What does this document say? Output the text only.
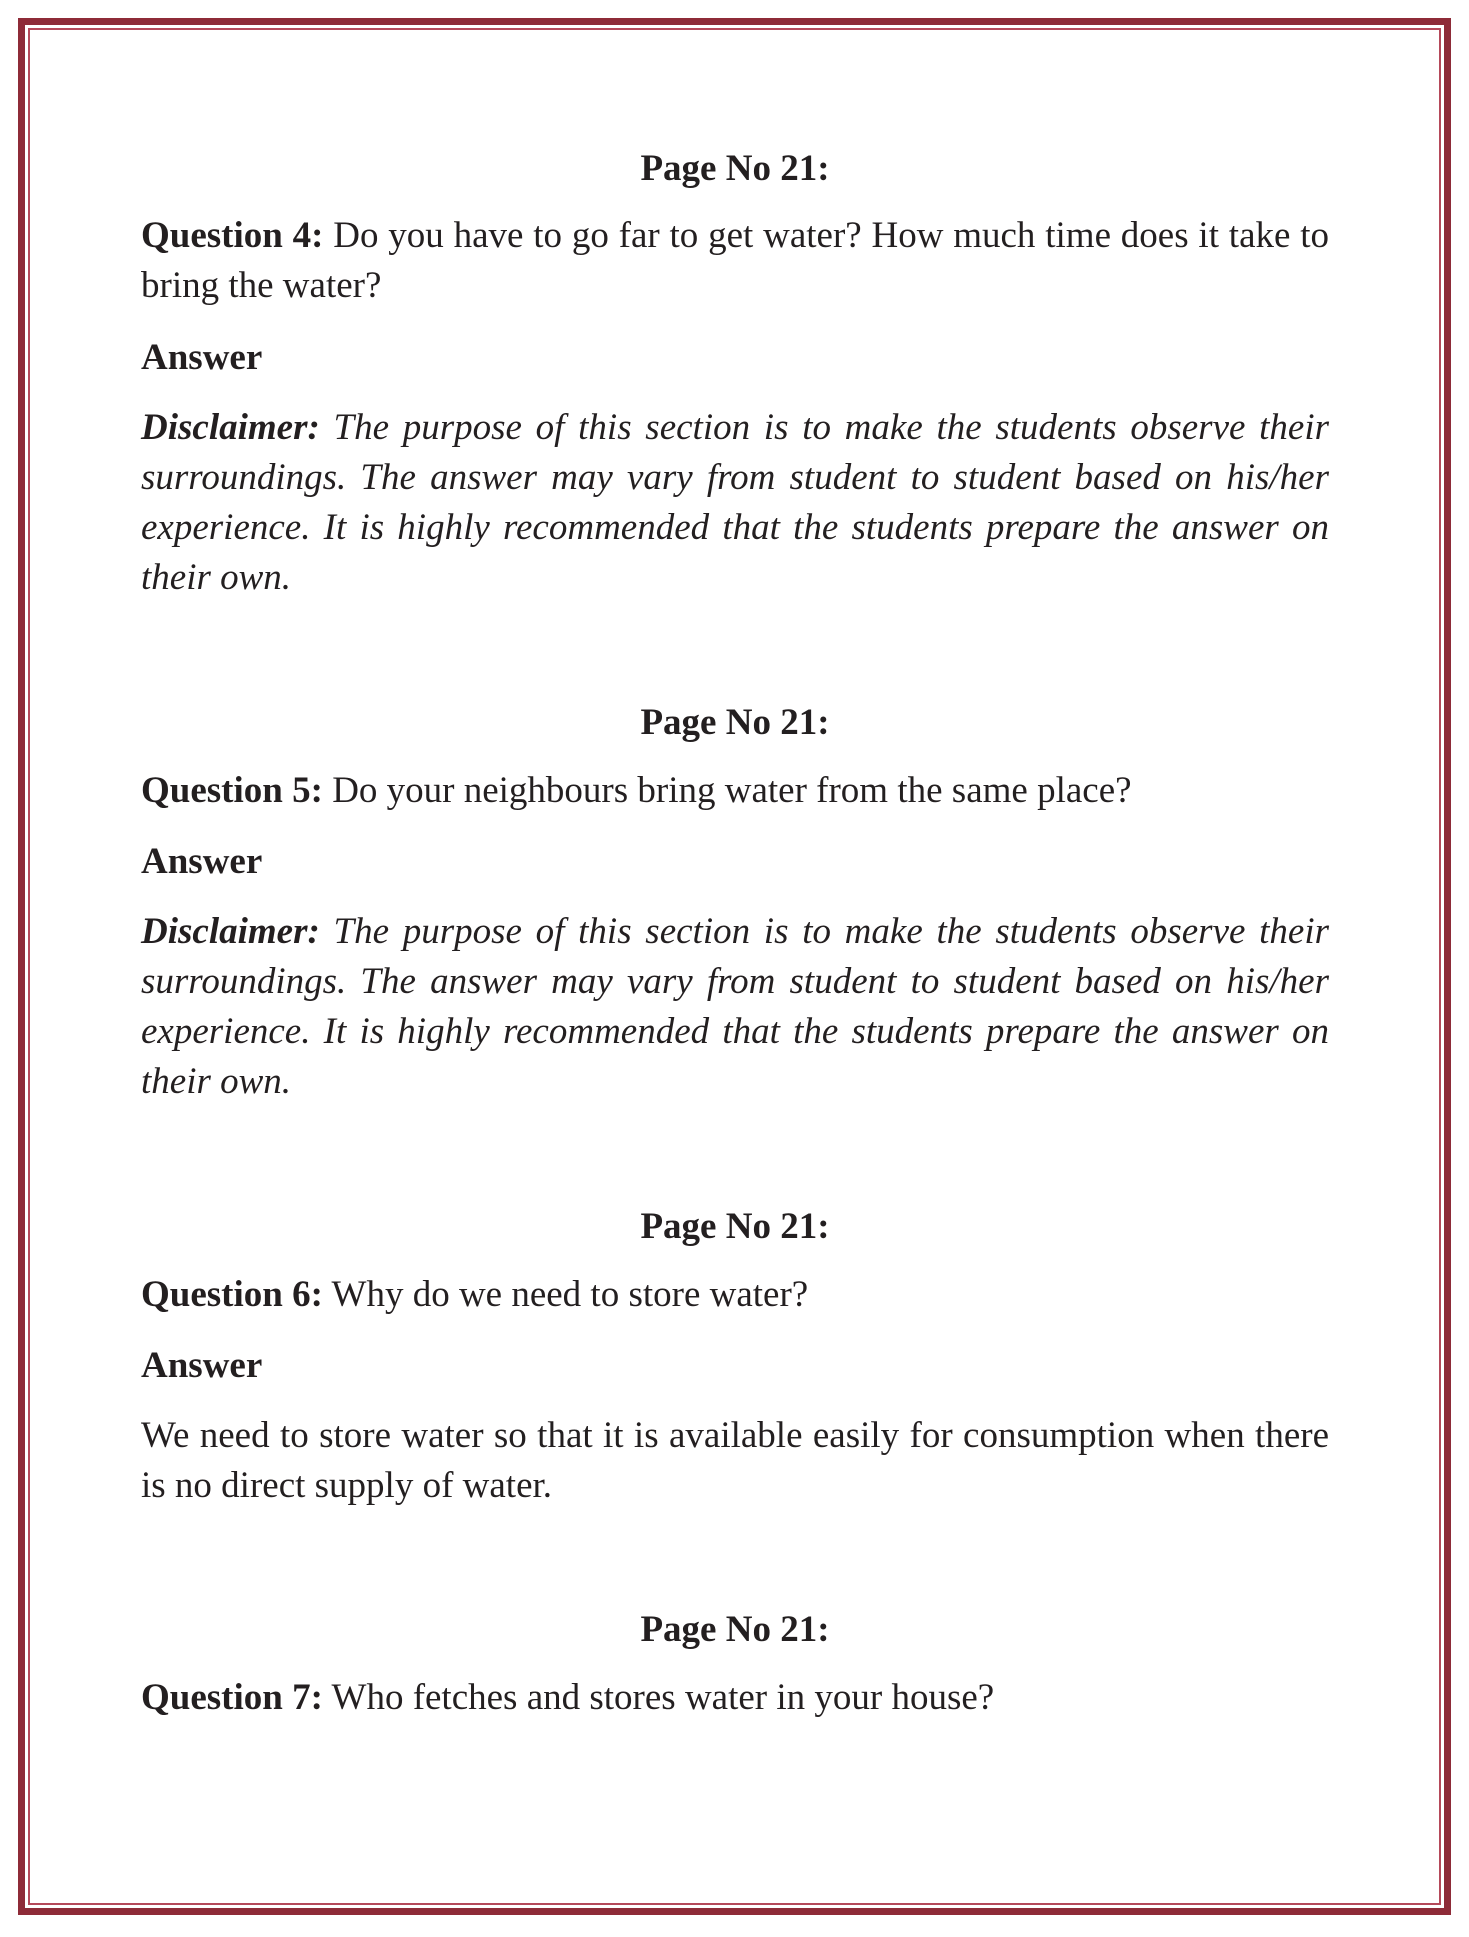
Page No 21:
Question 4: Do you have to go far to get water? How much time does it take to bring the water?
Answer
Disclaimer: The purpose of this section is to make the students observe their surroundings. The answer may vary from student to student based on his/her experience. It is highly recommended that the students prepare the answer on their own.
Page No 21:
Question 5: Do your neighbours bring water from the same place?
Answer
Disclaimer: The purpose of this section is to make the students observe their surroundings. The answer may vary from student to student based on his/her experience. It is highly recommended that the students prepare the answer on their own.
Page No 21:
Question 6: Why do we need to store water?
Answer
We need to store water so that it is available easily for consumption when there is no direct supply of water.
Page No 21:
Question 7: Who fetches and stores water in your house?
